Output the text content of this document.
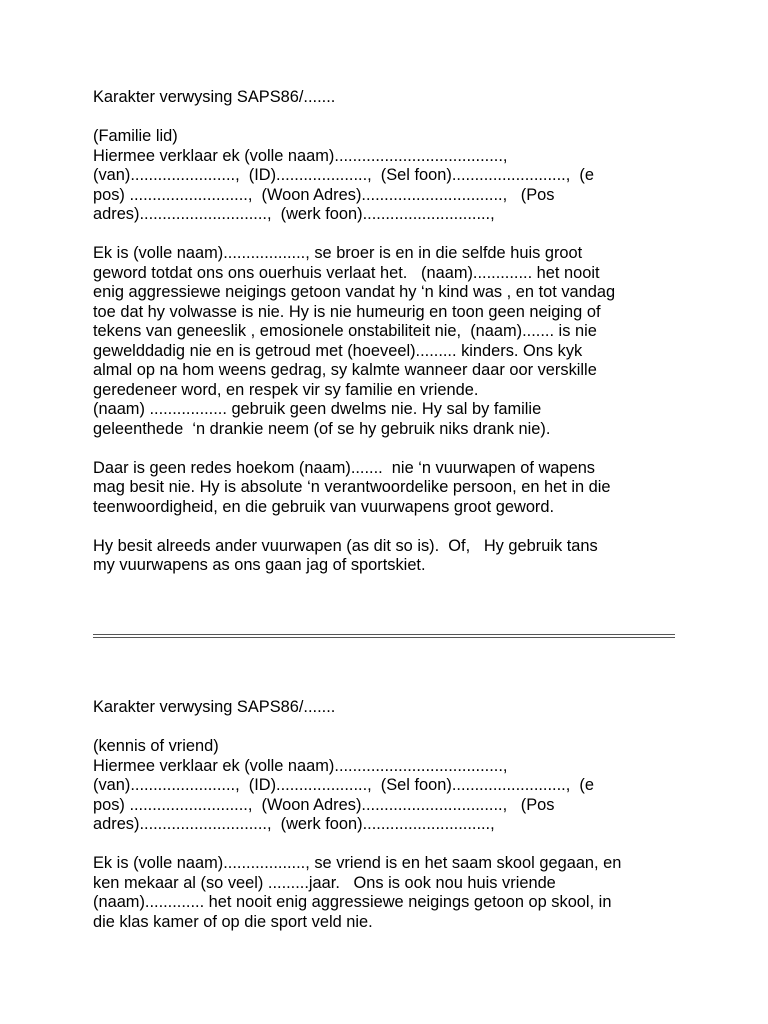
Karakter verwysing SAPS86/.......

(Familie lid)

Hiermee verklaar ek (volle naam).....................................,

(van).......................,  (ID)....................,  (Sel foon).........................,  (e

pos) ..........................,  (Woon Adres)...............................,   (Pos

adres)............................,  (werk foon)............................,

Ek is (volle naam).................., se broer is en in die selfde huis groot

geword totdat ons ons ouerhuis verlaat het.   (naam)............. het nooit

enig aggressiewe neigings getoon vandat hy ‘n kind was , en tot vandag

toe dat hy volwasse is nie. Hy is nie humeurig en toon geen neiging of

tekens van geneeslik , emosionele onstabiliteit nie,  (naam)....... is nie

gewelddadig nie en is getroud met (hoeveel)......... kinders. Ons kyk

almal op na hom weens gedrag, sy kalmte wanneer daar oor verskille

geredeneer word, en respek vir sy familie en vriende.

(naam) ................. gebruik geen dwelms nie. Hy sal by familie

geleenthede  ‘n drankie neem (of se hy gebruik niks drank nie).

Daar is geen redes hoekom (naam).......  nie ‘n vuurwapen of wapens

mag besit nie. Hy is absolute ‘n verantwoordelike persoon, en het in die

teenwoordigheid, en die gebruik van vuurwapens groot geword.

Hy besit alreeds ander vuurwapen (as dit so is).  Of,   Hy gebruik tans

my vuurwapens as ons gaan jag of sportskiet.

Karakter verwysing SAPS86/.......

(kennis of vriend)

Hiermee verklaar ek (volle naam).....................................,

(van).......................,  (ID)....................,  (Sel foon).........................,  (e

pos) ..........................,  (Woon Adres)...............................,   (Pos

adres)............................,  (werk foon)............................,

Ek is (volle naam).................., se vriend is en het saam skool gegaan, en

ken mekaar al (so veel) .........jaar.   Ons is ook nou huis vriende

(naam)............. het nooit enig aggressiewe neigings getoon op skool, in

die klas kamer of op die sport veld nie.
